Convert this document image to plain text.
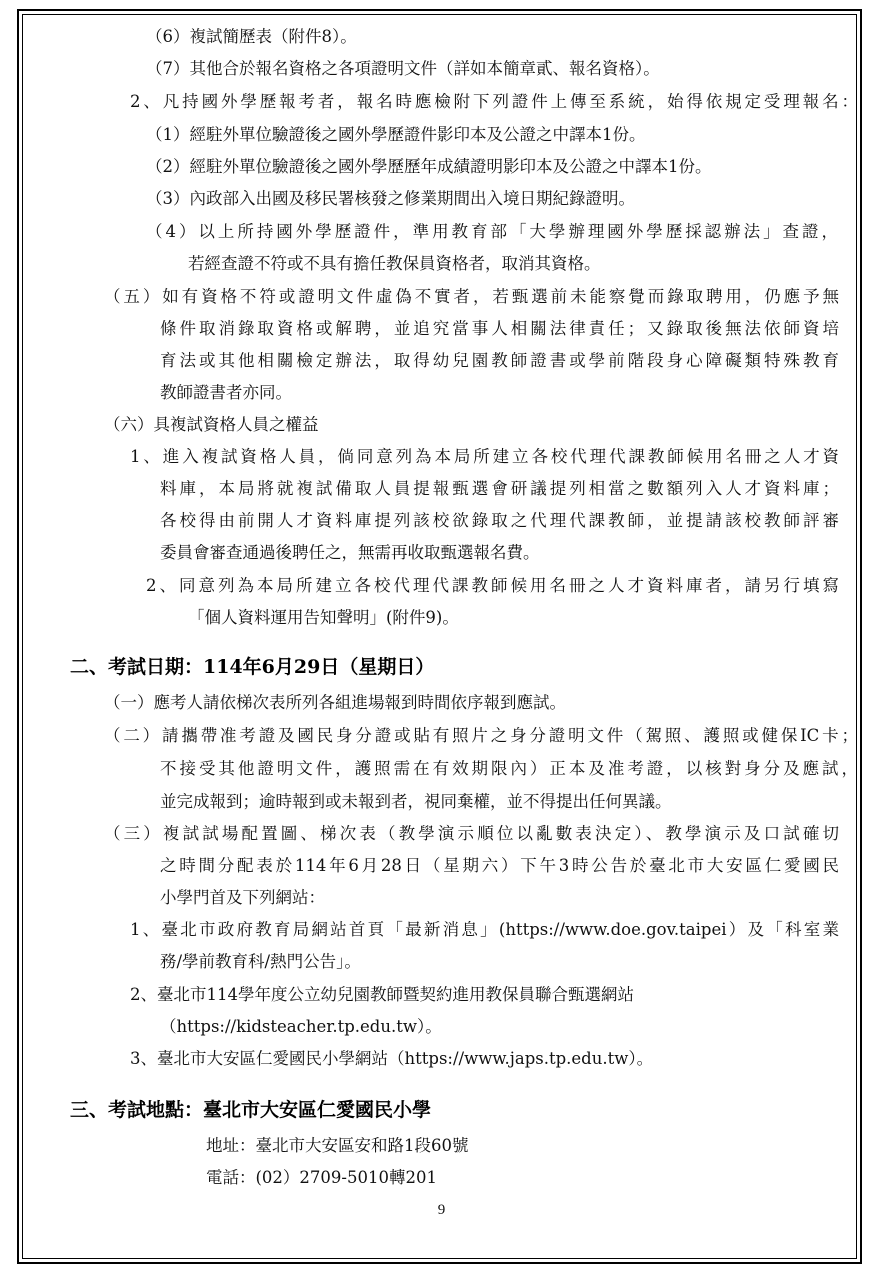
（6）複試簡歷表（附件8）。
（7）其他合於報名資格之各項證明文件（詳如本簡章貳、報名資格）。
2、凡持國外學歷報考者，報名時應檢附下列證件上傳至系統，始得依規定受理報名：
（1）經駐外單位驗證後之國外學歷證件影印本及公證之中譯本1份。
（2）經駐外單位驗證後之國外學歷歷年成績證明影印本及公證之中譯本1份。
（3）內政部入出國及移民署核發之修業期間出入境日期紀錄證明。
（4）以上所持國外學歷證件，準用教育部「大學辦理國外學歷採認辦法」查證，
若經查證不符或不具有擔任教保員資格者，取消其資格。
（五）如有資格不符或證明文件虛偽不實者，若甄選前未能察覺而錄取聘用，仍應予無
條件取消錄取資格或解聘，並追究當事人相關法律責任；又錄取後無法依師資培
育法或其他相關檢定辦法，取得幼兒園教師證書或學前階段身心障礙類特殊教育
教師證書者亦同。
（六）具複試資格人員之權益
1、進入複試資格人員，倘同意列為本局所建立各校代理代課教師候用名冊之人才資
料庫，本局將就複試備取人員提報甄選會研議提列相當之數額列入人才資料庫；
各校得由前開人才資料庫提列該校欲錄取之代理代課教師，並提請該校教師評審
委員會審查通過後聘任之，無需再收取甄選報名費。
2、同意列為本局所建立各校代理代課教師候用名冊之人才資料庫者，請另行填寫
「個人資料運用告知聲明」(附件9)。
二、考試日期：114年6月29日（星期日）
（一）應考人請依梯次表所列各組進場報到時間依序報到應試。
（二）請攜帶准考證及國民身分證或貼有照片之身分證明文件（駕照、護照或健保IC卡；
不接受其他證明文件，護照需在有效期限內）正本及准考證，以核對身分及應試，
並完成報到；逾時報到或未報到者，視同棄權，並不得提出任何異議。
（三）複試試場配置圖、梯次表（教學演示順位以亂數表決定）、教學演示及口試確切
之時間分配表於114年6月28日（星期六）下午3時公告於臺北市大安區仁愛國民
小學門首及下列網站：
1、臺北市政府教育局網站首頁「最新消息」(https://www.doe.gov.taipei）及「科室業
務/學前教育科/熱門公告」。
2、臺北市114學年度公立幼兒園教師暨契約進用教保員聯合甄選網站
（https://kidsteacher.tp.edu.tw）。
3、臺北市大安區仁愛國民小學網站（https://www.japs.tp.edu.tw）。
三、考試地點：臺北市大安區仁愛國民小學
地址：臺北市大安區安和路1段60號
電話：(02）2709-5010轉201
9
